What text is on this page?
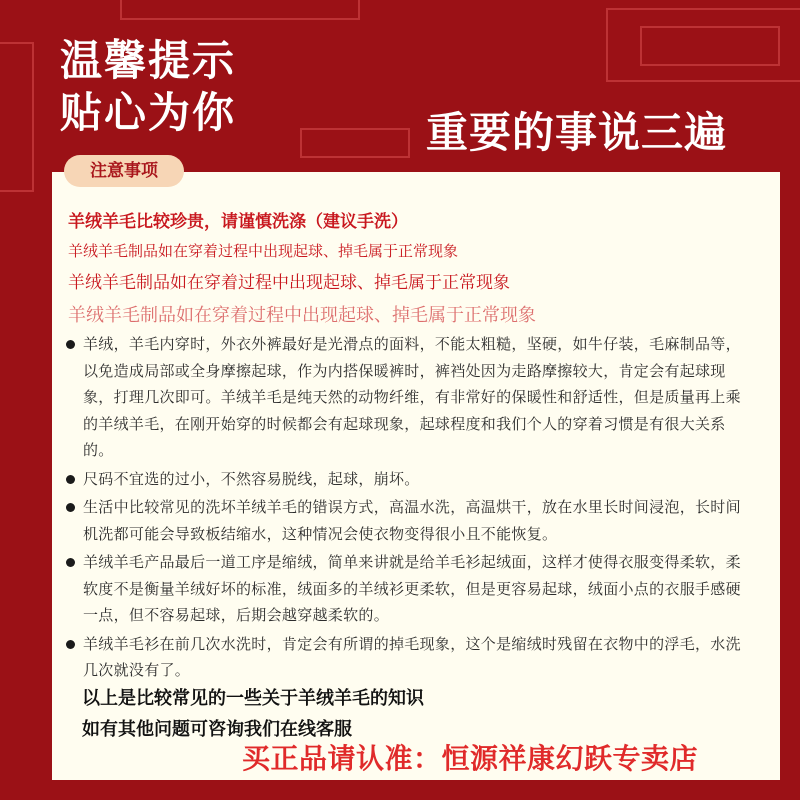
温馨提示
贴心为你	重要的事说三遍
注意事项
羊绒羊毛比较珍贵，请谨慎洗涤（建议手洗）
羊绒羊毛制品如在穿着过程中出现起球、掉毛属于正常现象
羊绒羊毛制品如在穿着过程中出现起球、掉毛属于正常现象
羊绒羊毛制品如在穿着过程中出现起球、掉毛属于正常现象
羊绒，羊毛内穿时，外衣外裤最好是光滑点的面料，不能太粗糙，坚硬，如牛仔装，毛麻制品等，以免造成局部或全身摩擦起球，作为内搭保暖裤时，裤裆处因为走路摩擦较大，肯定会有起球现象，打理几次即可。羊绒羊毛是纯天然的动物纤维，有非常好的保暖性和舒适性，但是质量再上乘的羊绒羊毛，在刚开始穿的时候都会有起球现象，起球程度和我们个人的穿着习惯是有很大关系的。
尺码不宜选的过小，不然容易脱线，起球，崩坏。
生活中比较常见的洗坏羊绒羊毛的错误方式，高温水洗，高温烘干，放在水里长时间浸泡，长时间机洗都可能会导致板结缩水，这种情况会使衣物变得很小且不能恢复。
羊绒羊毛产品最后一道工序是缩绒，简单来讲就是给羊毛衫起绒面，这样才使得衣服变得柔软，柔软度不是衡量羊绒好坏的标准，绒面多的羊绒衫更柔软，但是更容易起球，绒面小点的衣服手感硬一点，但不容易起球，后期会越穿越柔软的。
羊绒羊毛衫在前几次水洗时，肯定会有所谓的掉毛现象，这个是缩绒时残留在衣物中的浮毛，水洗几次就没有了。
以上是比较常见的一些关于羊绒羊毛的知识
如有其他问题可咨询我们在线客服
买正品请认准：恒源祥康幻跃专卖店
